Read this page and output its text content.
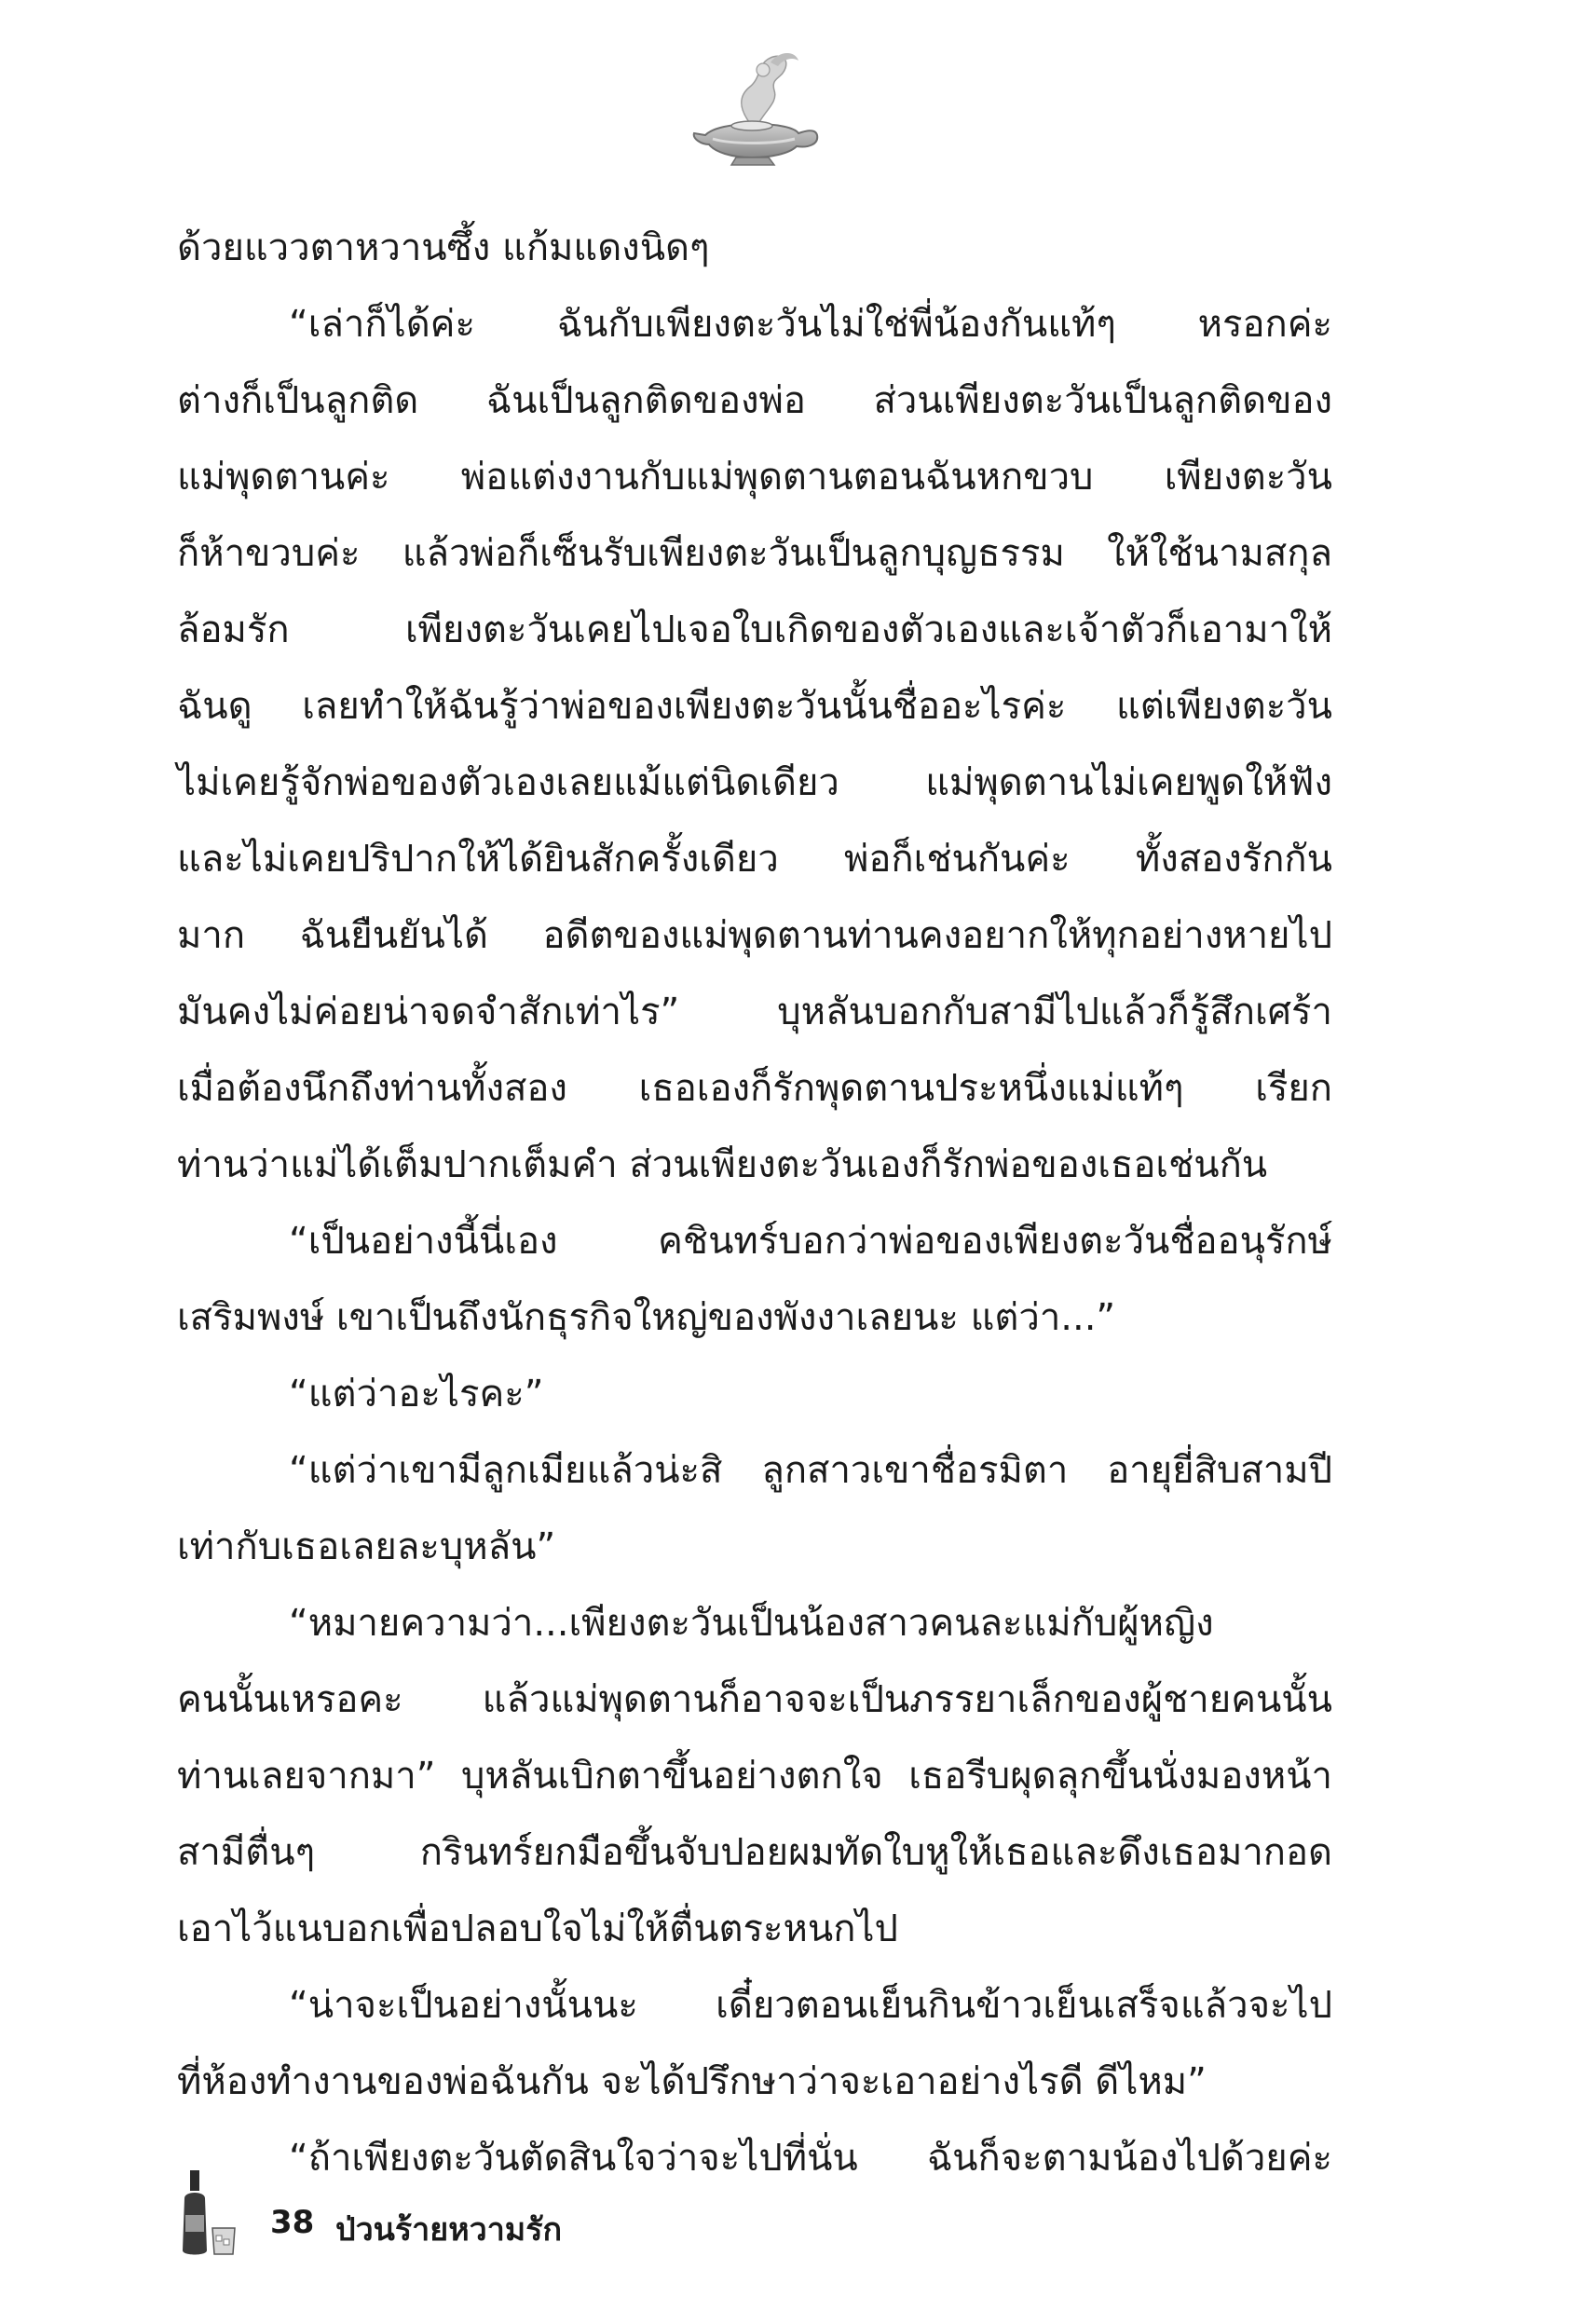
ด้วยแววตาหวานซึ้ง แก้มแดงนิดๆ
“เล่าก็ได้ค่ะ ฉันกับเพียงตะวันไม่ใช่พี่น้องกันแท้ๆ หรอกค่ะ
ต่างก็เป็นลูกติด ฉันเป็นลูกติดของพ่อ ส่วนเพียงตะวันเป็นลูกติดของ
แม่พุดตานค่ะ พ่อแต่งงานกับแม่พุดตานตอนฉันหกขวบ เพียงตะวัน
ก็ห้าขวบค่ะ แล้วพ่อก็เซ็นรับเพียงตะวันเป็นลูกบุญธรรม ให้ใช้นามสกุล
ล้อมรัก เพียงตะวันเคยไปเจอใบเกิดของตัวเองและเจ้าตัวก็เอามาให้
ฉันดู เลยทำให้ฉันรู้ว่าพ่อของเพียงตะวันนั้นชื่ออะไรค่ะ แต่เพียงตะวัน
ไม่เคยรู้จักพ่อของตัวเองเลยแม้แต่นิดเดียว แม่พุดตานไม่เคยพูดให้ฟัง
และไม่เคยปริปากให้ได้ยินสักครั้งเดียว พ่อก็เช่นกันค่ะ ทั้งสองรักกัน
มาก ฉันยืนยันได้ อดีตของแม่พุดตานท่านคงอยากให้ทุกอย่างหายไป
มันคงไม่ค่อยน่าจดจำสักเท่าไร” บุหลันบอกกับสามีไปแล้วก็รู้สึกเศร้า
เมื่อต้องนึกถึงท่านทั้งสอง เธอเองก็รักพุดตานประหนึ่งแม่แท้ๆ เรียก
ท่านว่าแม่ได้เต็มปากเต็มคำ ส่วนเพียงตะวันเองก็รักพ่อของเธอเช่นกัน
“เป็นอย่างนี้นี่เอง คชินทร์บอกว่าพ่อของเพียงตะวันชื่ออนุรักษ์
เสริมพงษ์ เขาเป็นถึงนักธุรกิจใหญ่ของพังงาเลยนะ แต่ว่า...”
“แต่ว่าอะไรคะ”
“แต่ว่าเขามีลูกเมียแล้วน่ะสิ ลูกสาวเขาชื่อรมิตา อายุยี่สิบสามปี
เท่ากับเธอเลยละบุหลัน”
“หมายความว่า...เพียงตะวันเป็นน้องสาวคนละแม่กับผู้หญิง
คนนั้นเหรอคะ แล้วแม่พุดตานก็อาจจะเป็นภรรยาเล็กของผู้ชายคนนั้น
ท่านเลยจากมา” บุหลันเบิกตาขึ้นอย่างตกใจ เธอรีบผุดลุกขึ้นนั่งมองหน้า
สามีตื่นๆ กรินทร์ยกมือขึ้นจับปอยผมทัดใบหูให้เธอและดึงเธอมากอด
เอาไว้แนบอกเพื่อปลอบใจไม่ให้ตื่นตระหนกไป
“น่าจะเป็นอย่างนั้นนะ เดี๋ยวตอนเย็นกินข้าวเย็นเสร็จแล้วจะไป
ที่ห้องทำงานของพ่อฉันกัน จะได้ปรึกษาว่าจะเอาอย่างไรดี ดีไหม”
“ถ้าเพียงตะวันตัดสินใจว่าจะไปที่นั่น ฉันก็จะตามน้องไปด้วยค่ะ
38 ป่วนร้ายหวามรัก
